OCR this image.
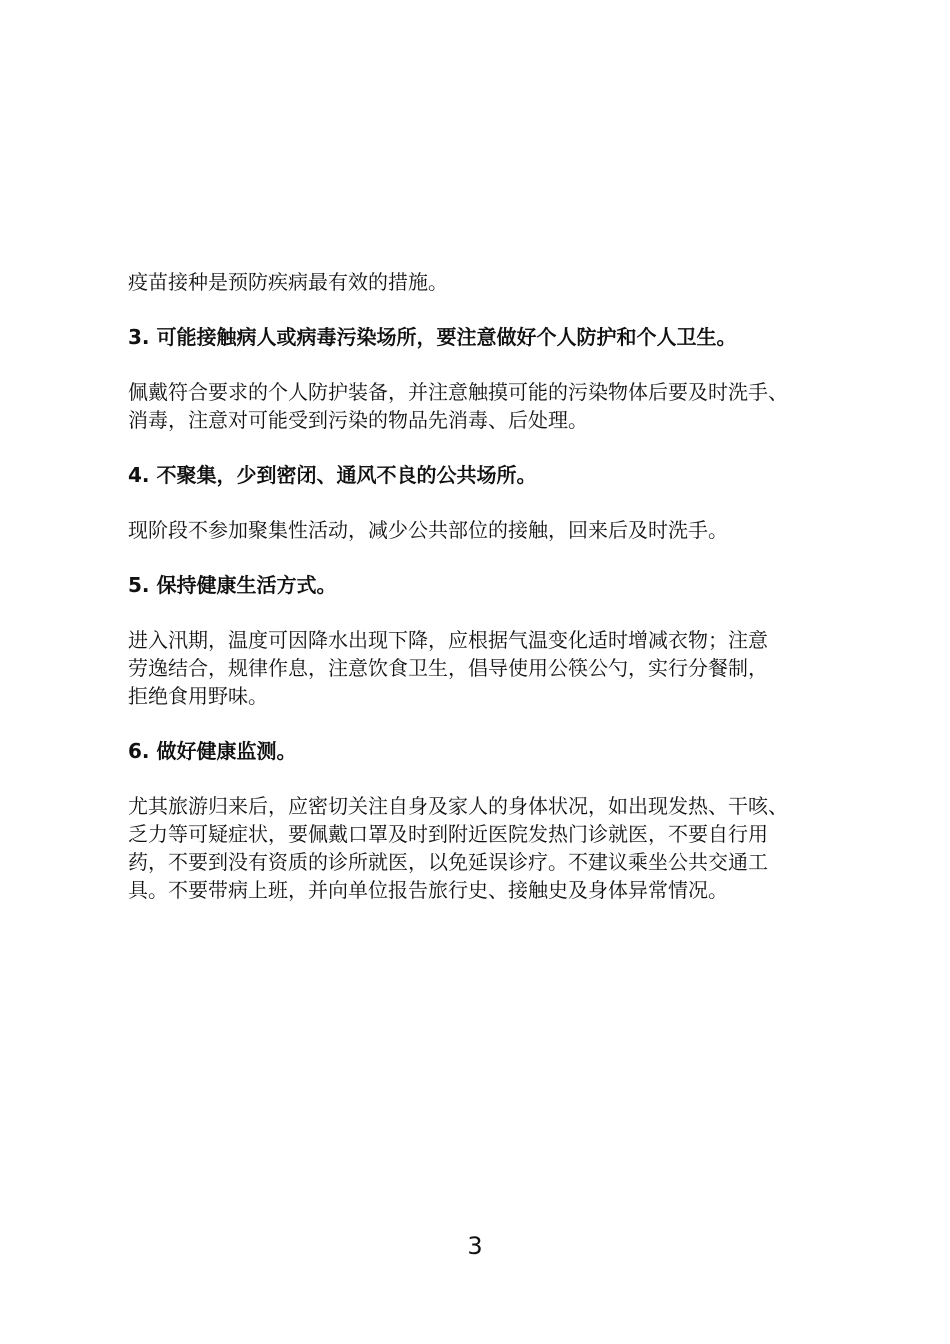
疫苗接种是预防疾病最有效的措施。

3. 可能接触病人或病毒污染场所，要注意做好个人防护和个人卫生。

佩戴符合要求的个人防护装备，并注意触摸可能的污染物体后要及时洗手、

消毒，注意对可能受到污染的物品先消毒、后处理。

4. 不聚集，少到密闭、通风不良的公共场所。

现阶段不参加聚集性活动，减少公共部位的接触，回来后及时洗手。

5. 保持健康生活方式。

进入汛期，温度可因降水出现下降，应根据气温变化适时增减衣物；注意

劳逸结合，规律作息，注意饮食卫生，倡导使用公筷公勺，实行分餐制，

拒绝食用野味。

6. 做好健康监测。

尤其旅游归来后，应密切关注自身及家人的身体状况，如出现发热、干咳、

乏力等可疑症状，要佩戴口罩及时到附近医院发热门诊就医，不要自行用

药，不要到没有资质的诊所就医，以免延误诊疗。不建议乘坐公共交通工

具。不要带病上班，并向单位报告旅行史、接触史及身体异常情况。

3
